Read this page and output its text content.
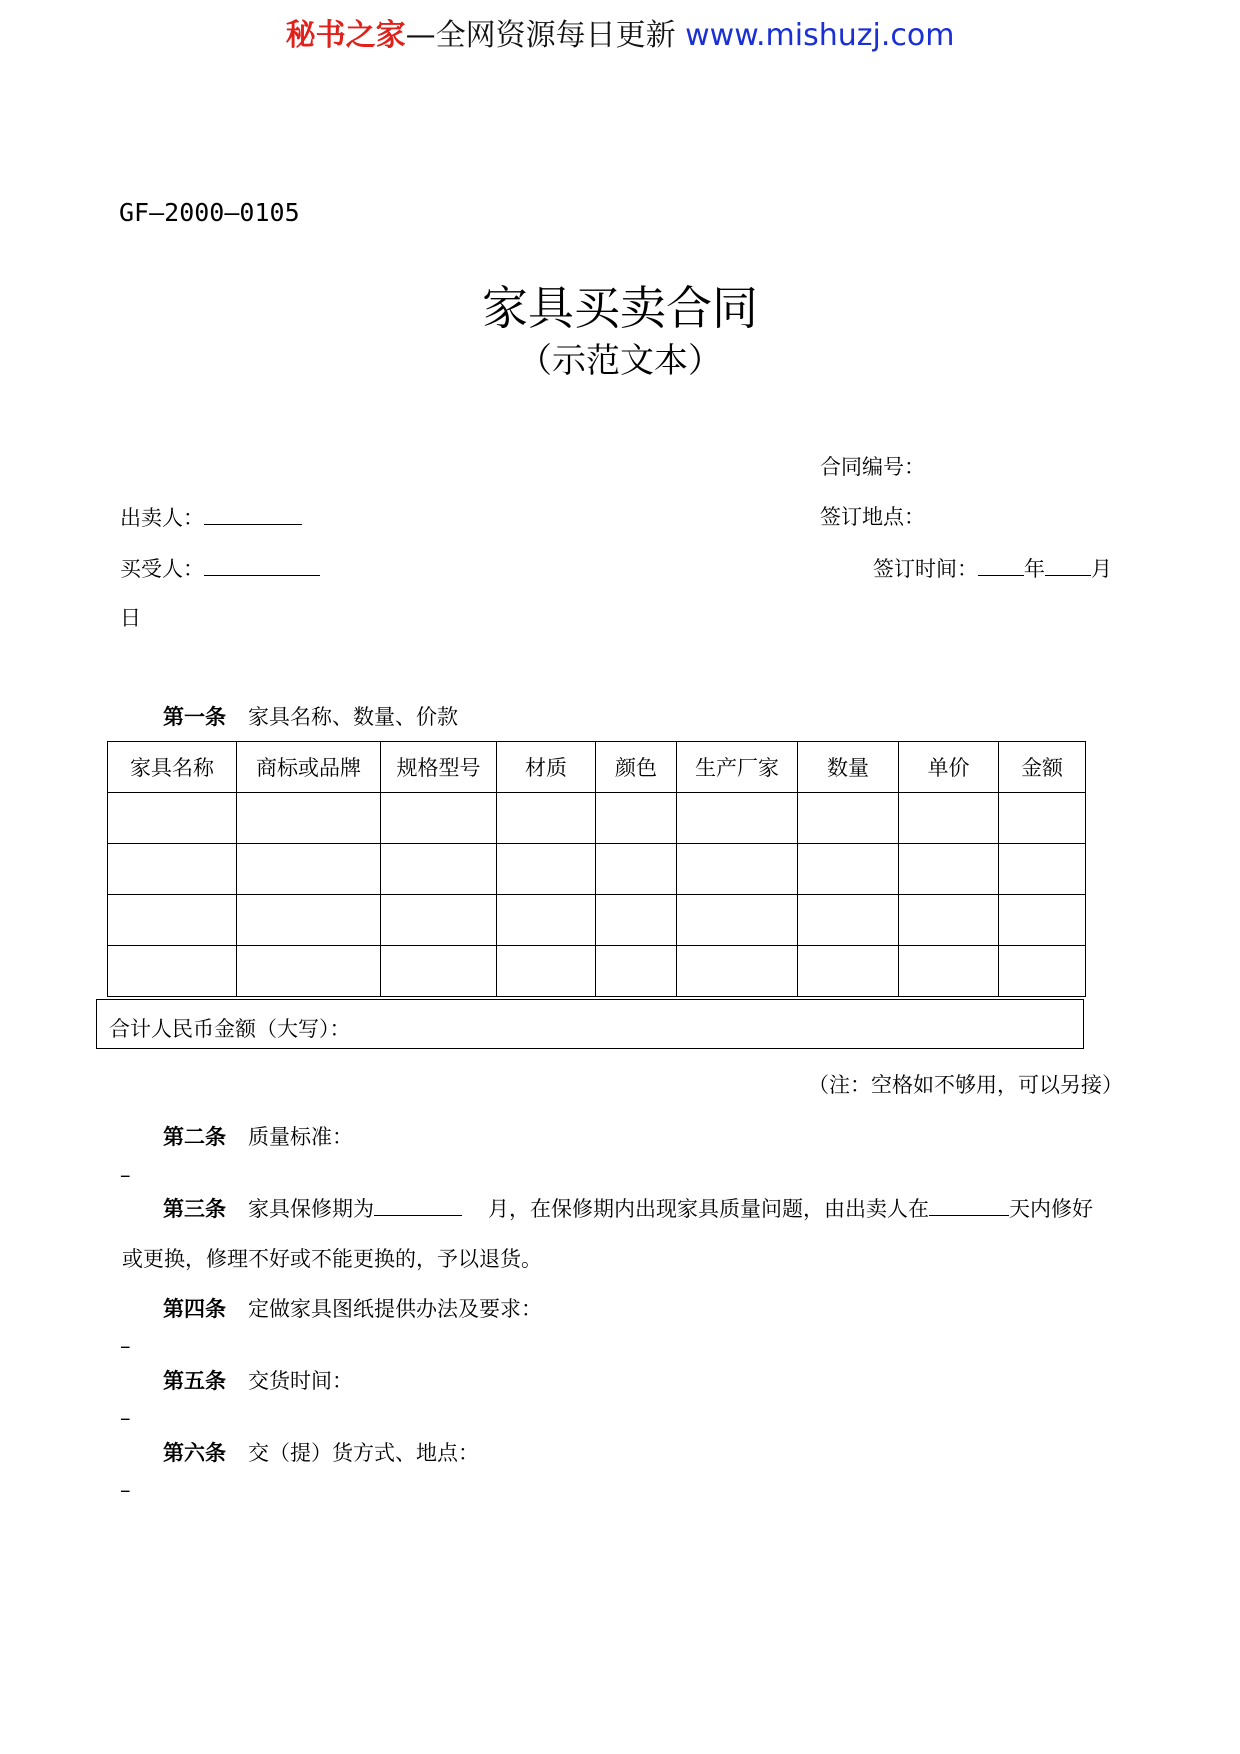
秘书之家—全网资源每日更新 www.mishuzj.com
GF—2000—0105
家具买卖合同
（示范文本）
合同编号：
出卖人：	签订地点：
买受人：	签订时间： 年 月
日
第一条 家具名称、数量、价款
家具名称	商标或品牌	规格型号	材质	颜色	生产厂家	数量	单价	金额

合计人民币金额（大写）：
（注：空格如不够用，可以另接）
第二条 质量标准：
–
第三条 家具保修期为	月，在保修期内出现家具质量问题，由出卖人在	天内修好
或更换，修理不好或不能更换的，予以退货。
第四条 定做家具图纸提供办法及要求：
–
第五条 交货时间：
–
第六条 交（提）货方式、地点：
–
